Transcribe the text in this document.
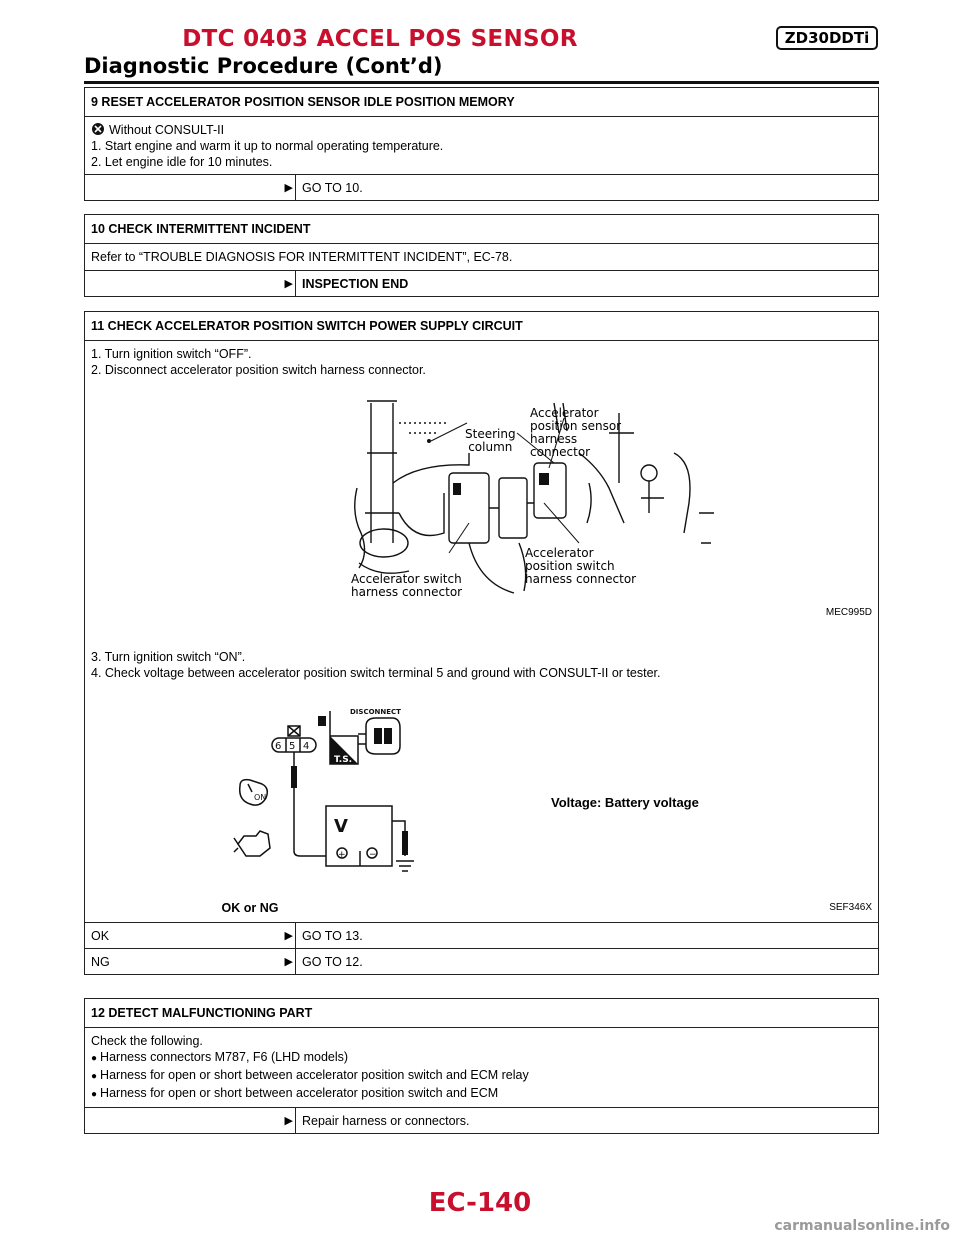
DTC 0403 ACCEL POS SENSOR	ZD30DDTi
Diagnostic Procedure (Cont’d)
9 RESET ACCELERATOR POSITION SENSOR IDLE POSITION MEMORY
Without CONSULT-II
1. Start engine and warm it up to normal operating temperature.
2. Let engine idle for 10 minutes.
▶ GO TO 10.
10 CHECK INTERMITTENT INCIDENT
Refer to “TROUBLE DIAGNOSIS FOR INTERMITTENT INCIDENT”, EC-78.
▶ INSPECTION END
11 CHECK ACCELERATOR POSITION SWITCH POWER SUPPLY CIRCUIT
1. Turn ignition switch “OFF”.
2. Disconnect accelerator position switch harness connector.
Steering
column
Accelerator
position sensor
harness
connector
Accelerator
position switch
harness connector
Accelerator switch
harness connector
MEC995D
3. Turn ignition switch “ON”.
4. Check voltage between accelerator position switch terminal 5 and ground with CONSULT-II or tester.
T.S.
DISCONNECT
6 5 4
ON
V
+	−
Voltage: Battery voltage
SEF346X
OK or NG
OK	▶ GO TO 13.
NG	▶ GO TO 12.
12 DETECT MALFUNCTIONING PART
Check the following.
● Harness connectors M787, F6 (LHD models)
● Harness for open or short between accelerator position switch and ECM relay
● Harness for open or short between accelerator position switch and ECM
▶ Repair harness or connectors.
EC-140
carmanualsonline.info
